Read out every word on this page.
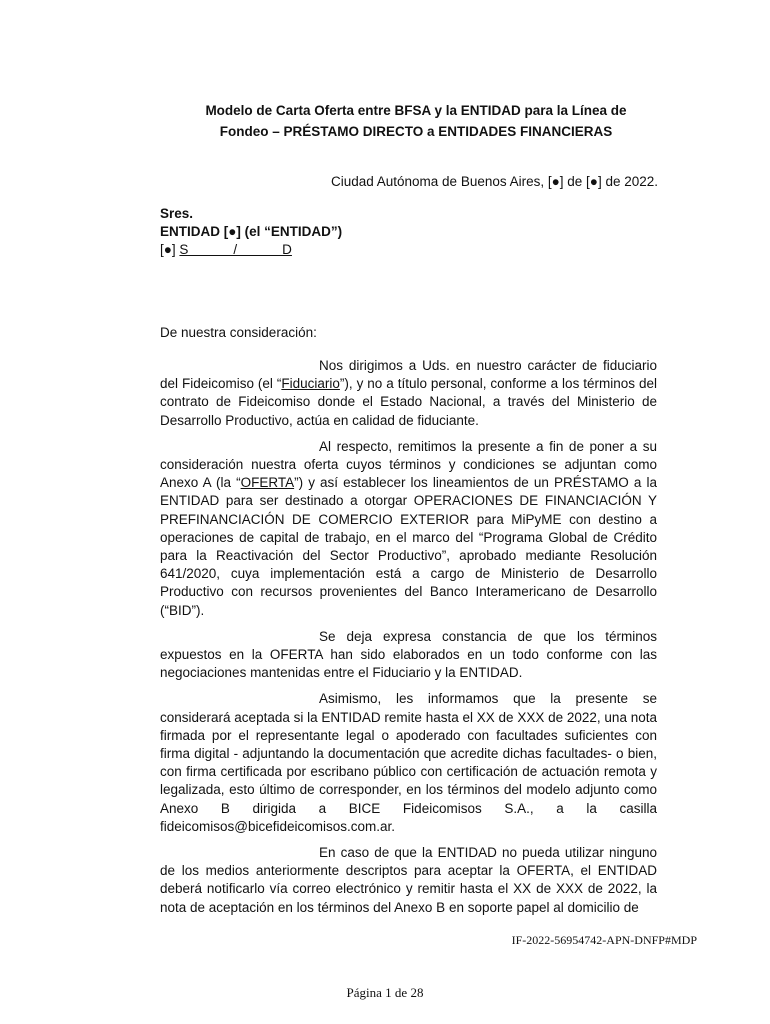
Modelo de Carta Oferta entre BFSA y la ENTIDAD para la Línea de
Fondeo – PRÉSTAMO DIRECTO a ENTIDADES FINANCIERAS
Ciudad Autónoma de Buenos Aires, [●] de [●] de 2022.
Sres.
ENTIDAD [●] (el “ENTIDAD”)
[●] S            /            D
De nuestra consideración:

Nos dirigimos a Uds. en nuestro carácter de fiduciario del Fideicomiso (el “Fiduciario”), y no a título personal, conforme a los términos del contrato de Fideicomiso donde el Estado Nacional, a través del Ministerio de Desarrollo Productivo, actúa en calidad de fiduciante.

Al respecto, remitimos la presente a fin de poner a su consideración nuestra oferta cuyos términos y condiciones se adjuntan como Anexo A (la “OFERTA”) y así establecer los lineamientos de un PRÉSTAMO a la ENTIDAD para ser destinado a otorgar OPERACIONES DE FINANCIACIÓN Y PREFINANCIACIÓN DE COMERCIO EXTERIOR para MiPyME con destino a operaciones de capital de trabajo, en el marco del “Programa Global de Crédito para la Reactivación del Sector Productivo”, aprobado mediante Resolución 641/2020, cuya implementación está a cargo de Ministerio de Desarrollo Productivo con recursos provenientes del Banco Interamericano de Desarrollo (“BID”).

Se deja expresa constancia de que los términos expuestos en la OFERTA han sido elaborados en un todo conforme con las negociaciones mantenidas entre el Fiduciario y la ENTIDAD.

Asimismo, les informamos que la presente se considerará aceptada si la ENTIDAD remite hasta el XX de XXX de 2022, una nota firmada por el representante legal o apoderado con facultades suficientes con firma digital - adjuntando la documentación que acredite dichas facultades- o bien, con firma certificada por escribano público con certificación de actuación remota y legalizada, esto último de corresponder, en los términos del modelo adjunto como Anexo B dirigida a BICE Fideicomisos S.A., a la casilla fideicomisos@bicefideicomisos.com.ar.

En caso de que la ENTIDAD no pueda utilizar ninguno de los medios anteriormente descriptos para aceptar la OFERTA, el ENTIDAD deberá notificarlo vía correo electrónico y remitir hasta el XX de XXX de 2022, la nota de aceptación en los términos del Anexo B en soporte papel al domicilio de

IF-2022-56954742-APN-DNFP#MDP
Página 1 de 28
